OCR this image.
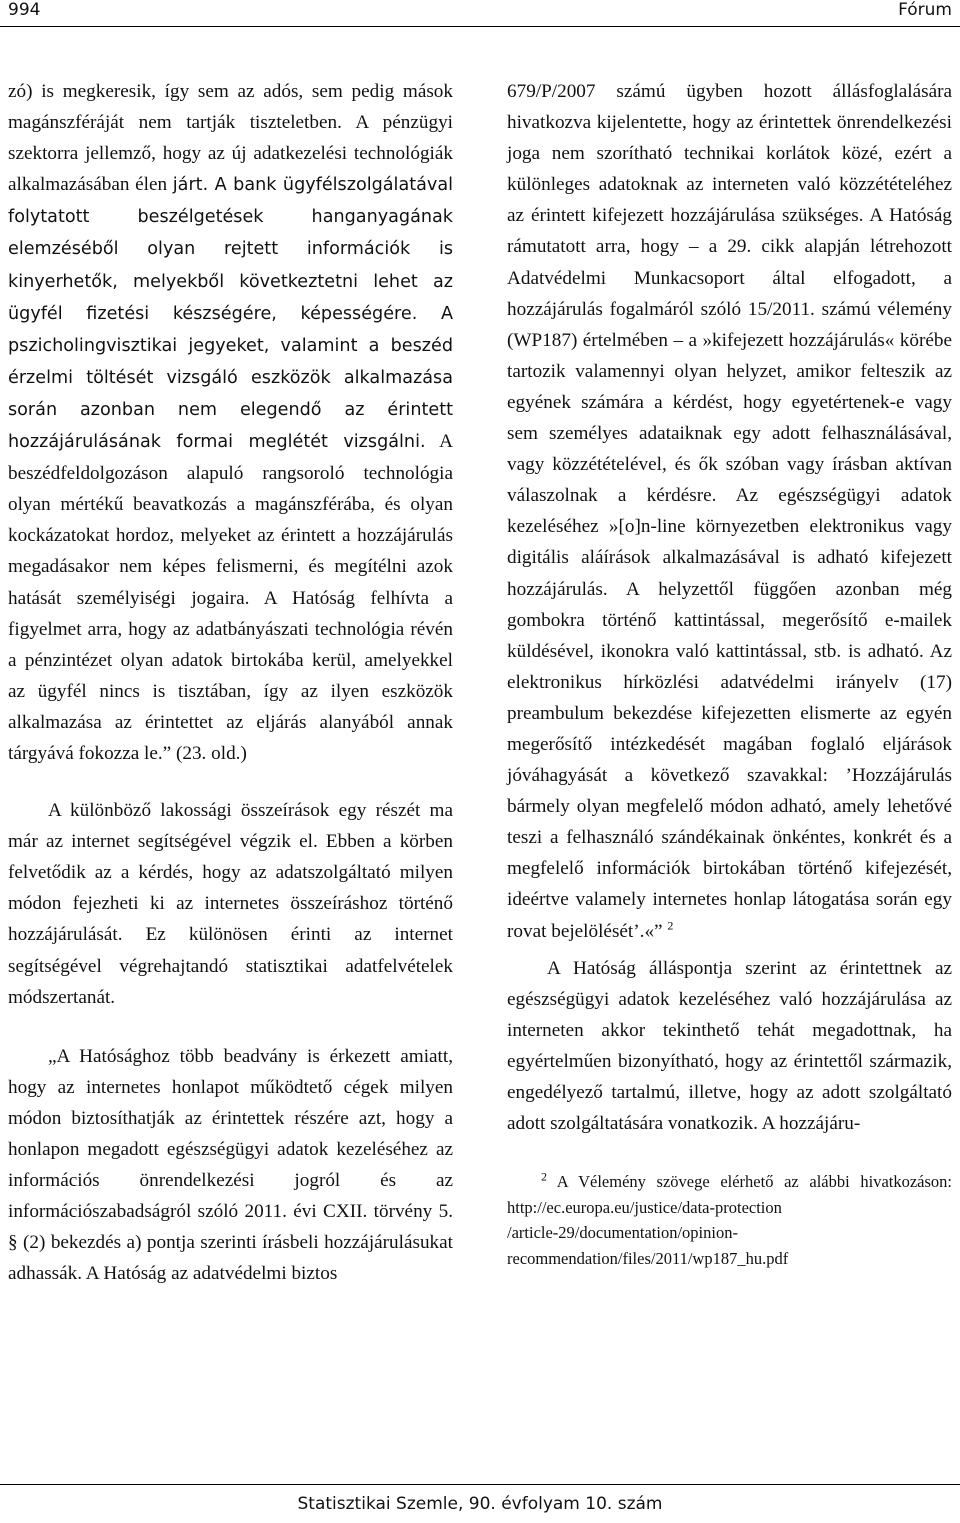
994	Fórum

zó) is megkeresik, így sem az adós, sem pedig mások magánszféráját nem tartják tiszteletben. A pénzügyi szektorra jellemző, hogy az új adatkezelési technológiák alkalmazásában élen járt. A bank ügyfélszolgálatával folytatott beszélgetések hanganyagának elemzéséből olyan rejtett információk is kinyerhetők, melyekből következtetni lehet az ügyfél fizetési készségére, képességére. A pszicholingvisztikai jegyeket, valamint a beszéd érzelmi töltését vizsgáló eszközök alkalmazása során azonban nem elegendő az érintett hozzájárulásának formai meglétét vizsgálni. A beszédfeldolgozáson alapuló rangsoroló technológia olyan mértékű beavatkozás a magánszférába, és olyan kockázatokat hordoz, melyeket az érintett a hozzájárulás megadásakor nem képes felismerni, és megítélni azok hatását személyiségi jogaira. A Hatóság felhívta a figyelmet arra, hogy az adatbányászati technológia révén a pénzintézet olyan adatok birtokába kerül, amelyekkel az ügyfél nincs is tisztában, így az ilyen eszközök alkalmazása az érintettet az eljárás alanyából annak tárgyává fokozza le.” (23. old.)

A különböző lakossági összeírások egy részét ma már az internet segítségével végzik el. Ebben a körben felvetődik az a kérdés, hogy az adatszolgáltató milyen módon fejezheti ki az internetes összeíráshoz történő hozzájárulását. Ez különösen érinti az internet segítségével végrehajtandó statisztikai adatfelvételek módszertanát.

„A Hatósághoz több beadvány is érkezett amiatt, hogy az internetes honlapot működtető cégek milyen módon biztosíthatják az érintettek részére azt, hogy a honlapon megadott egészségügyi adatok kezeléséhez az információs önrendelkezési jogról és az információszabadságról szóló 2011. évi CXII. törvény 5. § (2) bekezdés a) pontja szerinti írásbeli hozzájárulásukat adhassák. A Hatóság az adatvédelmi biztos

679/P/2007 számú ügyben hozott állásfoglalására hivatkozva kijelentette, hogy az érintettek önrendelkezési joga nem szorítható technikai korlátok közé, ezért a különleges adatoknak az interneten való közzétételéhez az érintett kifejezett hozzájárulása szükséges. A Hatóság rámutatott arra, hogy – a 29. cikk alapján létrehozott Adatvédelmi Munkacsoport által elfogadott, a hozzájárulás fogalmáról szóló 15/2011. számú vélemény (WP187) értelmében – a »kifejezett hozzájárulás« körébe tartozik valamennyi olyan helyzet, amikor felteszik az egyének számára a kérdést, hogy egyetértenek-e vagy sem személyes adataiknak egy adott felhasználásával, vagy közzétételével, és ők szóban vagy írásban aktívan válaszolnak a kérdésre. Az egészségügyi adatok kezeléséhez »[o]n-line környezetben elektronikus vagy digitális aláírások alkalmazásával is adható kifejezett hozzájárulás. A helyzettől függően azonban még gombokra történő kattintással, megerősítő e-mailek küldésével, ikonokra való kattintással, stb. is adható. Az elektronikus hírközlési adatvédelmi irányelv (17) preambulum bekezdése kifejezetten elismerte az egyén megerősítő intézkedését magában foglaló eljárások jóváhagyását a következő szavakkal: ’Hozzájárulás bármely olyan megfelelő módon adható, amely lehetővé teszi a felhasználó szándékainak önkéntes, konkrét és a megfelelő információk birtokában történő kifejezését, ideértve valamely internetes honlap látogatása során egy rovat bejelölését’.«” $^2$

A Hatóság álláspontja szerint az érintettnek az egészségügyi adatok kezeléséhez való hozzájárulása az interneten akkor tekinthető tehát megadottnak, ha egyértelműen bizonyítható, hogy az érintettől származik, engedélyező tartalmú, illetve, hogy az adott szolgáltató adott szolgáltatására vonatkozik. A hozzájáru-

$^2$ A Vélemény szövege elérhető az alábbi hivatkozáson: http://ec.europa.eu/justice/data-protection
/article-29/documentation/opinion-
recommendation/files/2011/wp187_hu.pdf
Statisztikai Szemle, 90. évfolyam 10. szám
